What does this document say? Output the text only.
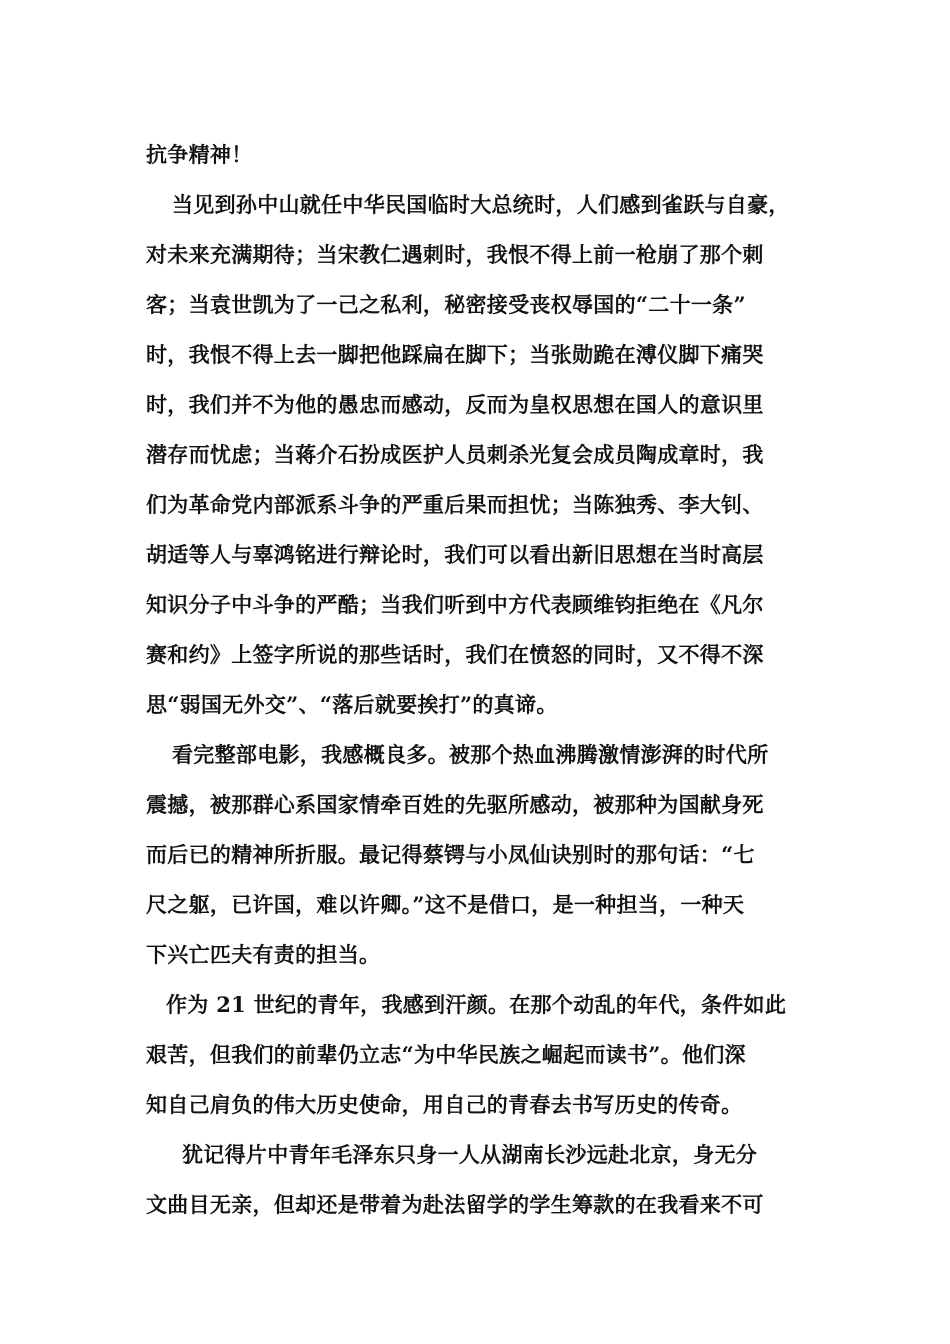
抗争精神！
当见到孙中山就任中华民国临时大总统时，人们感到雀跃与自豪，
对未来充满期待；当宋教仁遇刺时，我恨不得上前一枪崩了那个刺
客；当袁世凯为了一己之私利，秘密接受丧权辱国的“二十一条”
时，我恨不得上去一脚把他踩扁在脚下；当张勋跪在溥仪脚下痛哭
时，我们并不为他的愚忠而感动，反而为皇权思想在国人的意识里
潜存而忧虑；当蒋介石扮成医护人员刺杀光复会成员陶成章时，我
们为革命党内部派系斗争的严重后果而担忧；当陈独秀、李大钊、
胡适等人与辜鸿铭进行辩论时，我们可以看出新旧思想在当时高层
知识分子中斗争的严酷；当我们听到中方代表顾维钧拒绝在《凡尔
赛和约》上签字所说的那些话时，我们在愤怒的同时，又不得不深
思“弱国无外交”、“落后就要挨打”的真谛。
看完整部电影，我感概良多。被那个热血沸腾激情澎湃的时代所
震撼，被那群心系国家情牵百姓的先驱所感动，被那种为国献身死
而后已的精神所折服。最记得蔡锷与小凤仙诀别时的那句话：“七
尺之躯，已许国，难以许卿。”这不是借口，是一种担当，一种天
下兴亡匹夫有责的担当。
作为 21 世纪的青年，我感到汗颜。在那个动乱的年代，条件如此
艰苦，但我们的前辈仍立志“为中华民族之崛起而读书”。他们深
知自己肩负的伟大历史使命，用自己的青春去书写历史的传奇。
犹记得片中青年毛泽东只身一人从湖南长沙远赴北京，身无分
文曲目无亲，但却还是带着为赴法留学的学生筹款的在我看来不可
